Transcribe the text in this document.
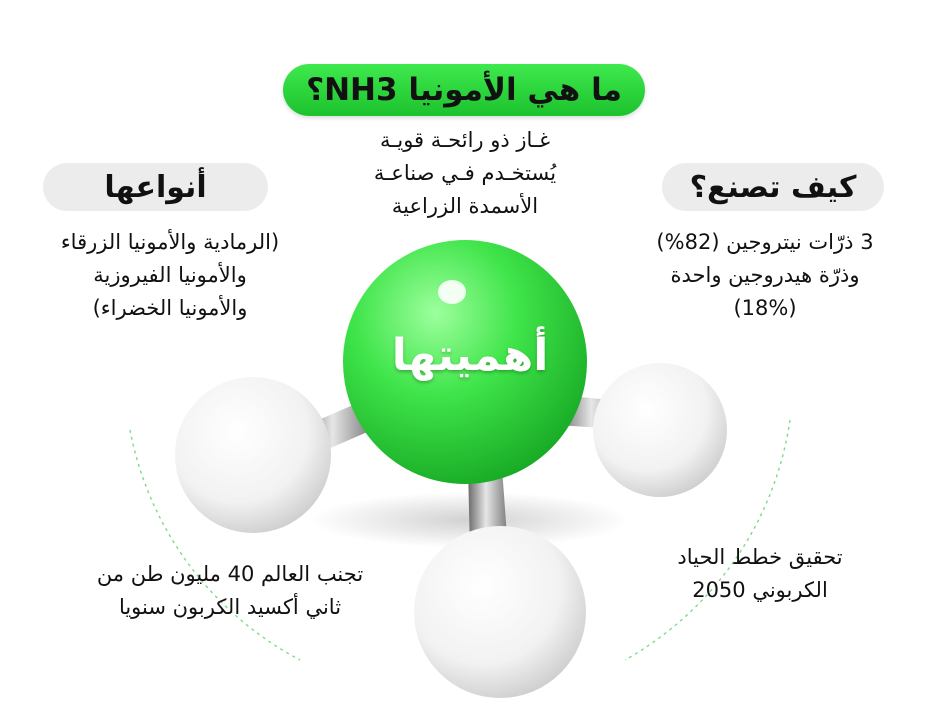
أهميتها
ما هي الأمونيا NH3؟
غـاز ذو رائحـة قويـة
يُستخـدم فـي صناعـة
الأسمدة الزراعية
أنواعها
(الرمادية والأمونيا الزرقاء
والأمونيا الفيروزية
والأمونيا الخضراء)
كيف تصنع؟
3 ذرّات نيتروجين (82%)
وذرّة هيدروجين واحدة
(18%)
تجنب العالم 40 مليون طن من
ثاني أكسيد الكربون سنويا
تحقيق خطط الحياد
الكربوني 2050
